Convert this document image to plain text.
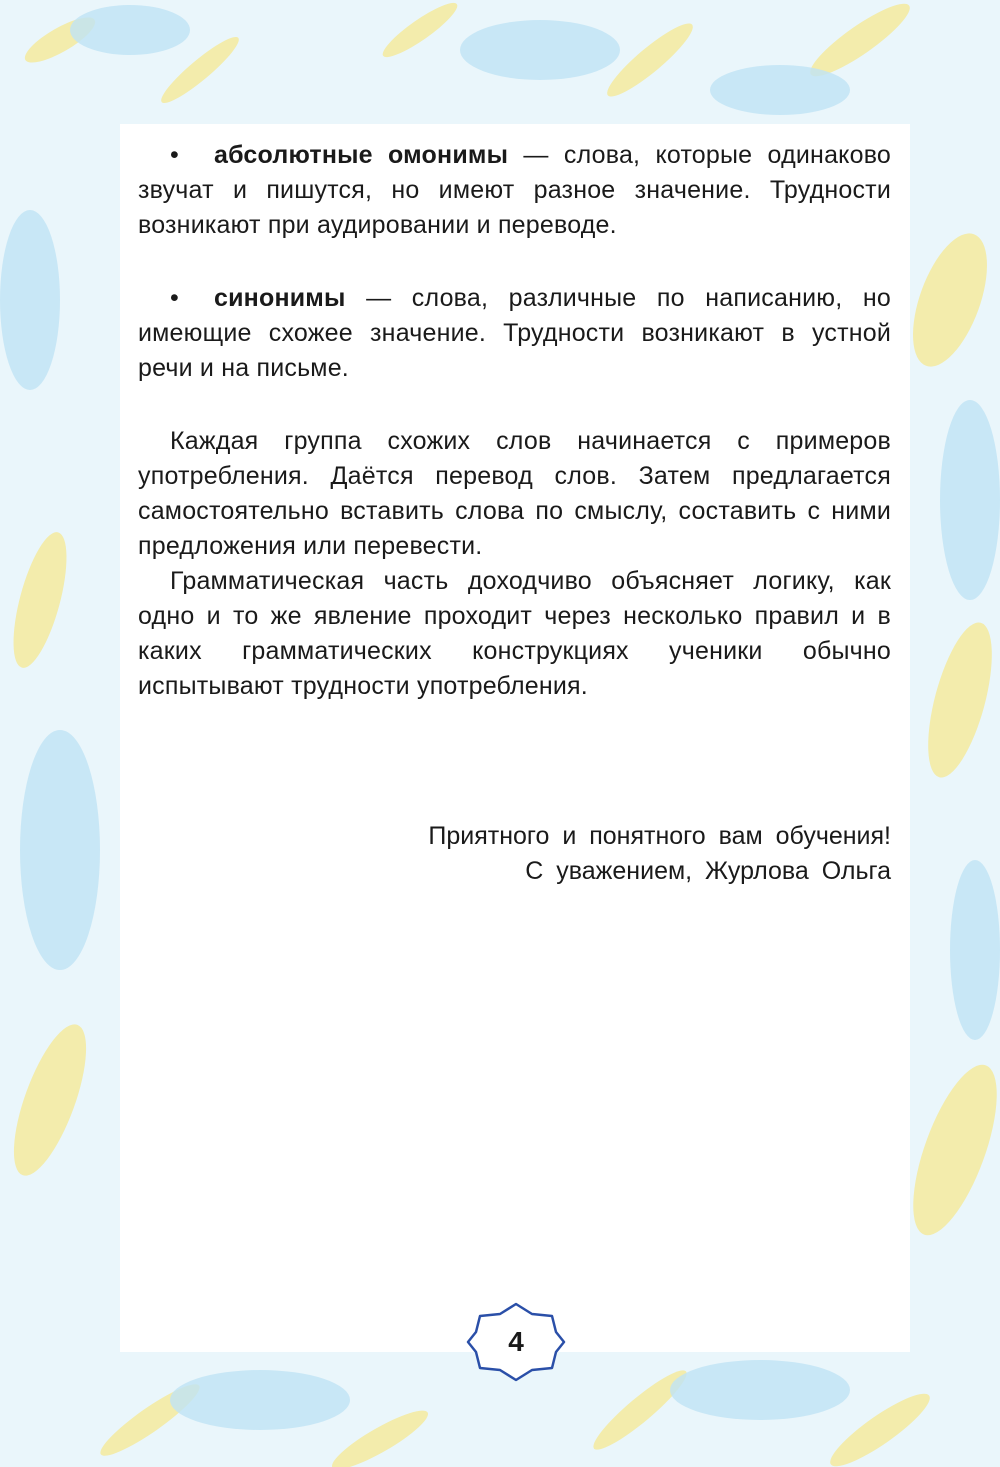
• абсолютные омонимы — слова, которые одинаково звучат и пишутся, но имеют разное значение. Трудности возникают при аудировании и переводе.

• синонимы — слова, различные по написанию, но имеющие схожее значение. Трудности возникают в устной речи и на письме.

Каждая группа схожих слов начинается с примеров употребления. Даётся перевод слов. Затем предлагается самостоятельно вставить слова по смыслу, составить с ними предложения или перевести.

Грамматическая часть доходчиво объясняет логику, как одно и то же явление проходит через несколько правил и в каких грамматических конструкциях ученики обычно испытывают трудности употребления.

Приятного и понятного вам обучения!
С уважением, Журлова Ольга
4
